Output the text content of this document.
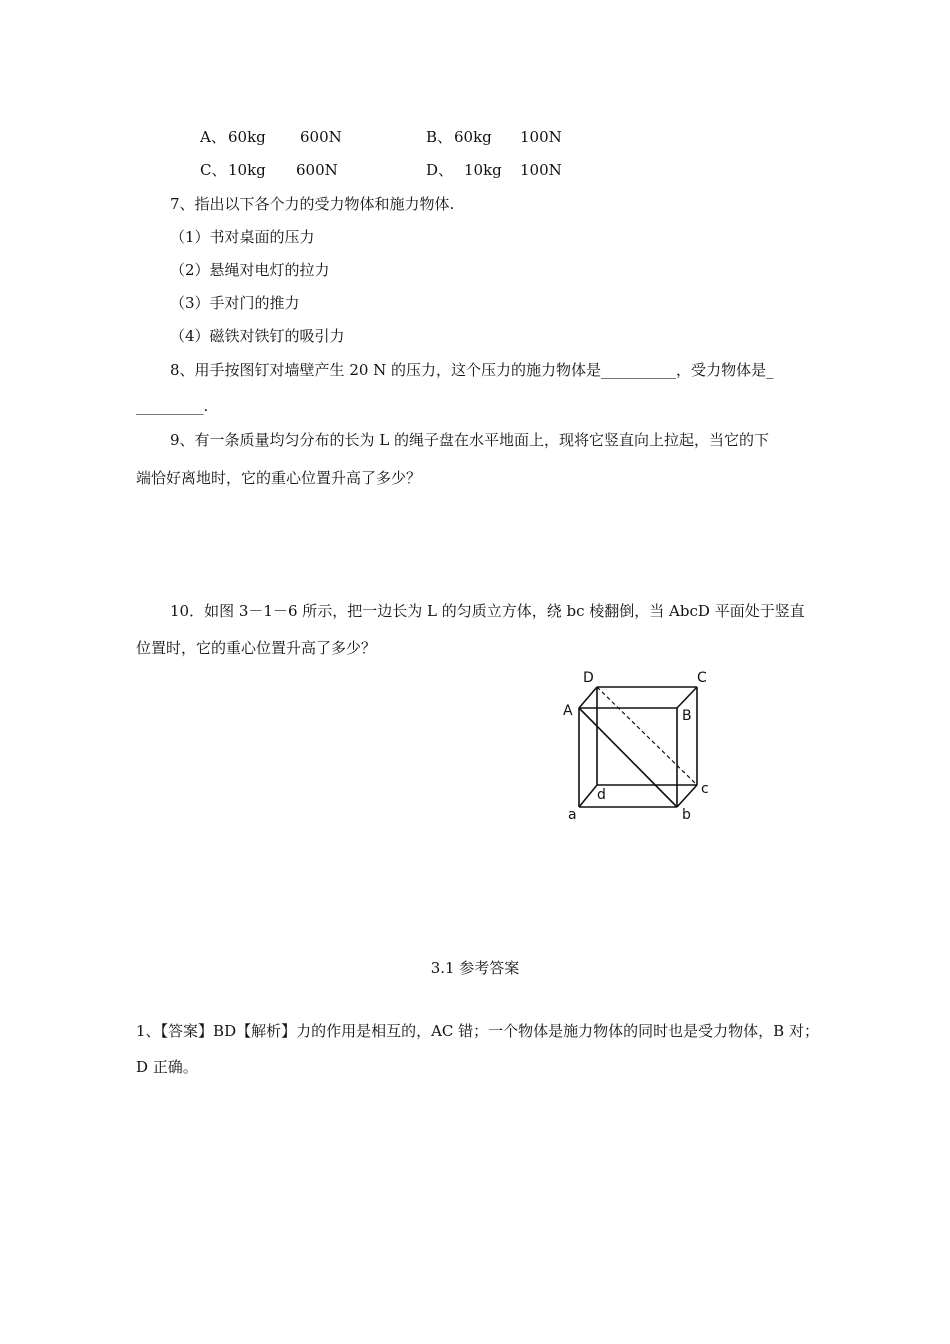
A、 60kg 600N	B、 60kg 100N
C、 10kg 600N	D、 10kg 100N
7、指出以下各个力的受力物体和施力物体.
（1）书对桌面的压力
（2）悬绳对电灯的拉力
（3）手对门的推力
（4）磁铁对铁钉的吸引力
8、用手按图钉对墙壁产生 20 N 的压力，这个压力的施力物体是__________，受力物体是_
_________.
9、有一条质量均匀分布的长为 L 的绳子盘在水平地面上，现将它竖直向上拉起，当它的下
端恰好离地时，它的重心位置升高了多少？
10．如图 3－1－6 所示，把一边长为 L 的匀质立方体，绕 bc 棱翻倒，当 AbcD 平面处于竖直
位置时，它的重心位置升高了多少？
D	C
A	B
c
d
a	b
3.1 参考答案
1、【答案】BD【解析】力的作用是相互的，AC 错；一个物体是施力物体的同时也是受力物体，B 对；
D 正确。
